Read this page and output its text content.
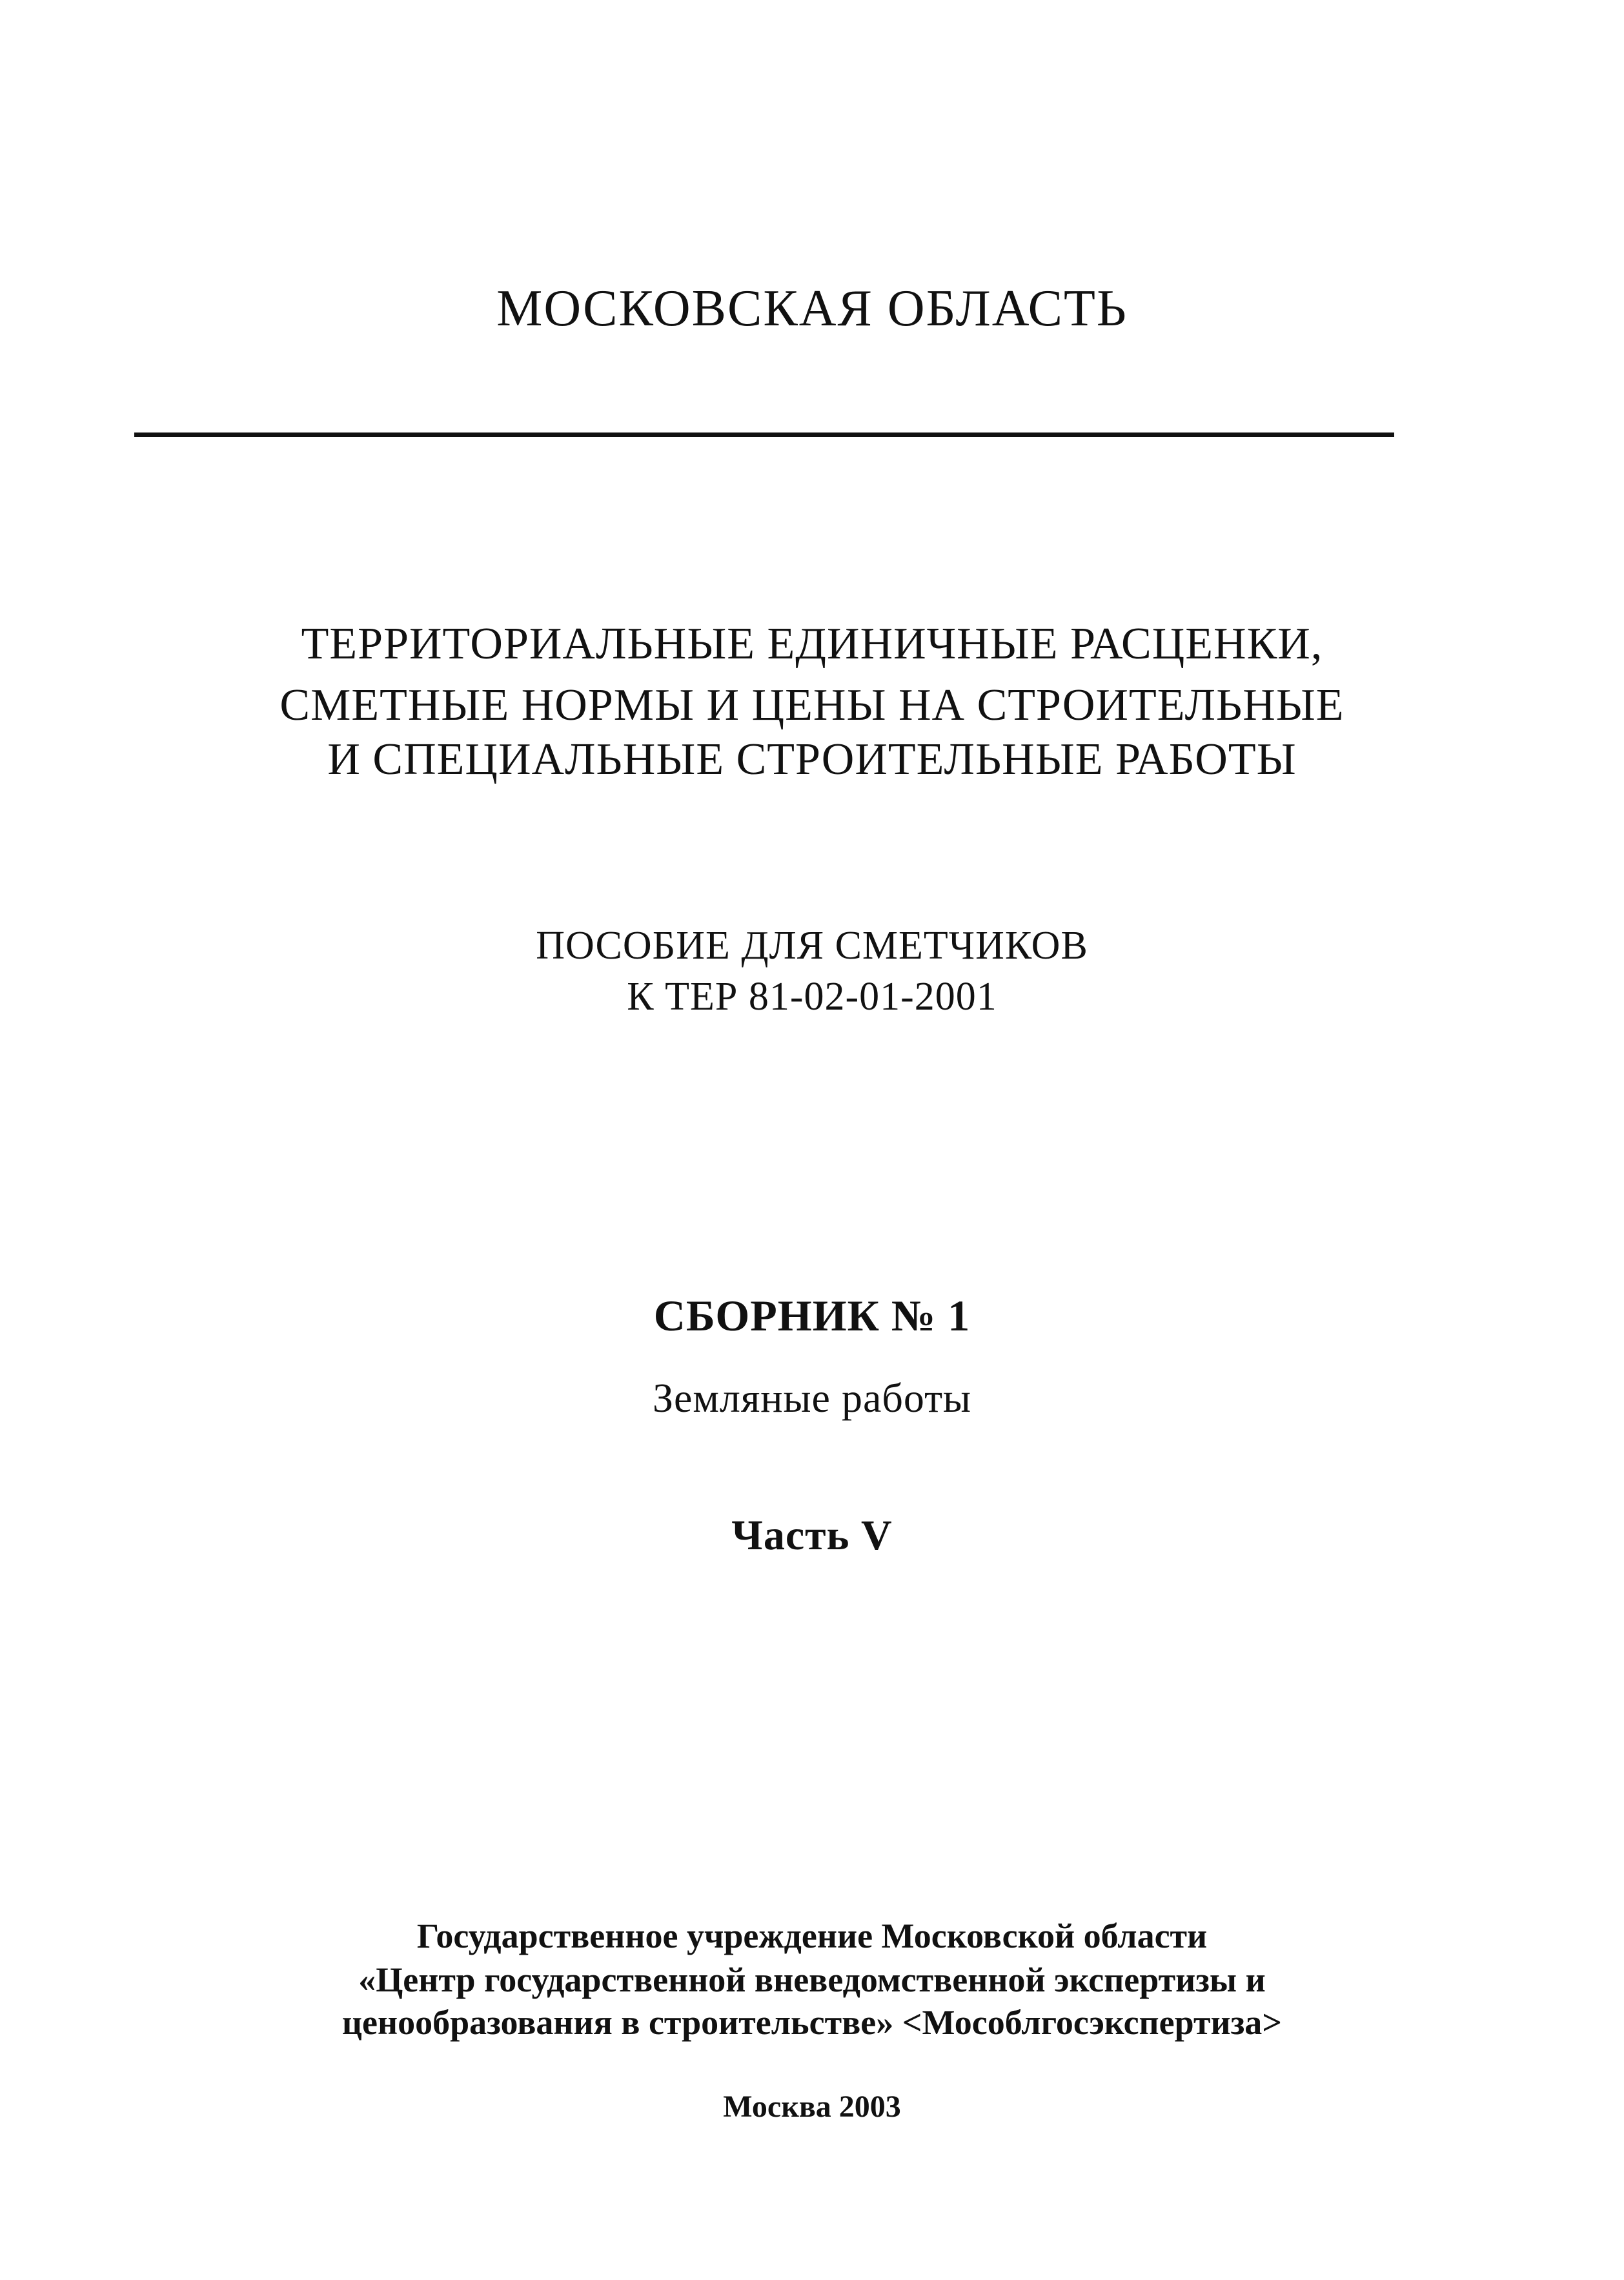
МОСКОВСКАЯ ОБЛАСТЬ
ТЕРРИТОРИАЛЬНЫЕ ЕДИНИЧНЫЕ РАСЦЕНКИ,
СМЕТНЫЕ НОРМЫ И ЦЕНЫ НА СТРОИТЕЛЬНЫЕ
И СПЕЦИАЛЬНЫЕ СТРОИТЕЛЬНЫЕ РАБОТЫ
ПОСОБИЕ ДЛЯ СМЕТЧИКОВ
К ТЕР 81-02-01-2001
СБОРНИК № 1
Земляные работы
Часть V
Государственное учреждение Московской области
«Центр государственной вневедомственной экспертизы и
ценообразования в строительстве» <Мособлгосэкспертиза>
Москва 2003
